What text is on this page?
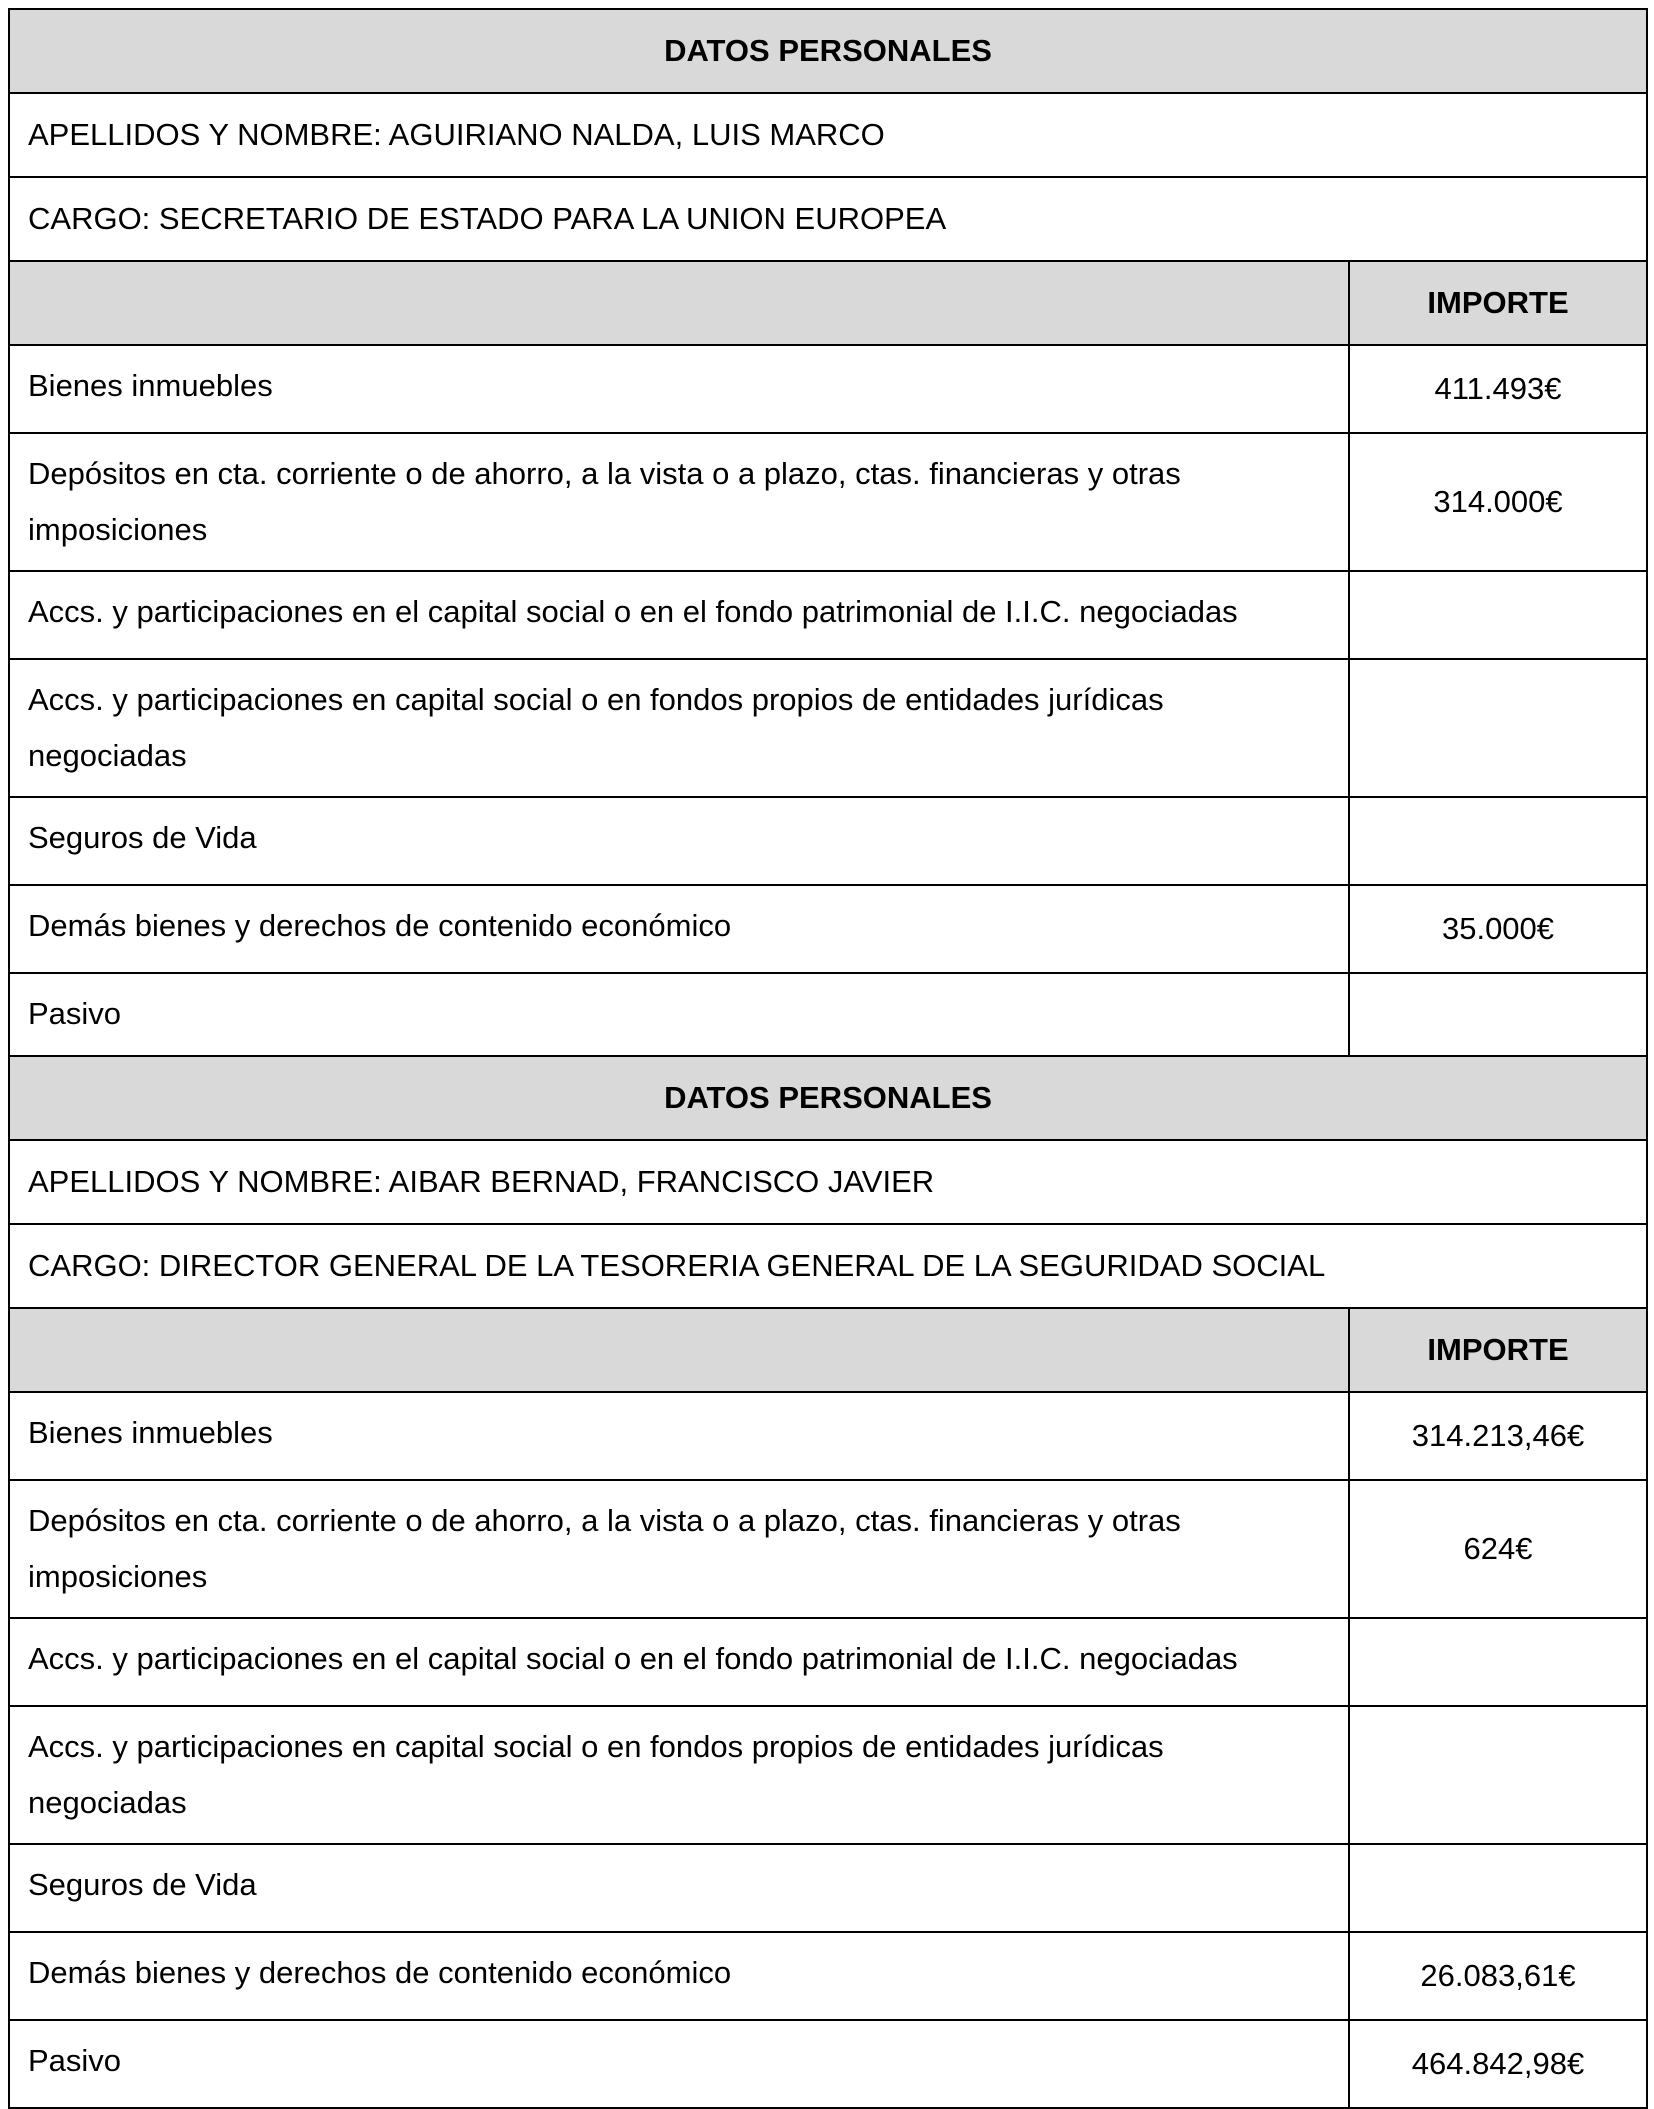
DATOS PERSONALES	
APELLIDOS Y NOMBRE: AGUIRIANO NALDA, LUIS MARCO	
CARGO: SECRETARIO DE ESTADO PARA LA UNION EUROPEA	
	IMPORTE
Bienes inmuebles	411.493€
Depósitos en cta. corriente o de ahorro, a la vista o a plazo, ctas. financieras y otras imposiciones	314.000€
Accs. y participaciones en el capital social o en el fondo patrimonial de I.I.C. negociadas	
Accs. y participaciones en capital social o en fondos propios de entidades jurídicas negociadas	
Seguros de Vida	
Demás bienes y derechos de contenido económico	35.000€
Pasivo	
DATOS PERSONALES	
APELLIDOS Y NOMBRE: AIBAR BERNAD, FRANCISCO JAVIER	
CARGO: DIRECTOR GENERAL DE LA TESORERIA GENERAL DE LA SEGURIDAD SOCIAL	
	IMPORTE
Bienes inmuebles	314.213,46€
Depósitos en cta. corriente o de ahorro, a la vista o a plazo, ctas. financieras y otras imposiciones	624€
Accs. y participaciones en el capital social o en el fondo patrimonial de I.I.C. negociadas	
Accs. y participaciones en capital social o en fondos propios de entidades jurídicas negociadas	
Seguros de Vida	
Demás bienes y derechos de contenido económico	26.083,61€
Pasivo	464.842,98€
